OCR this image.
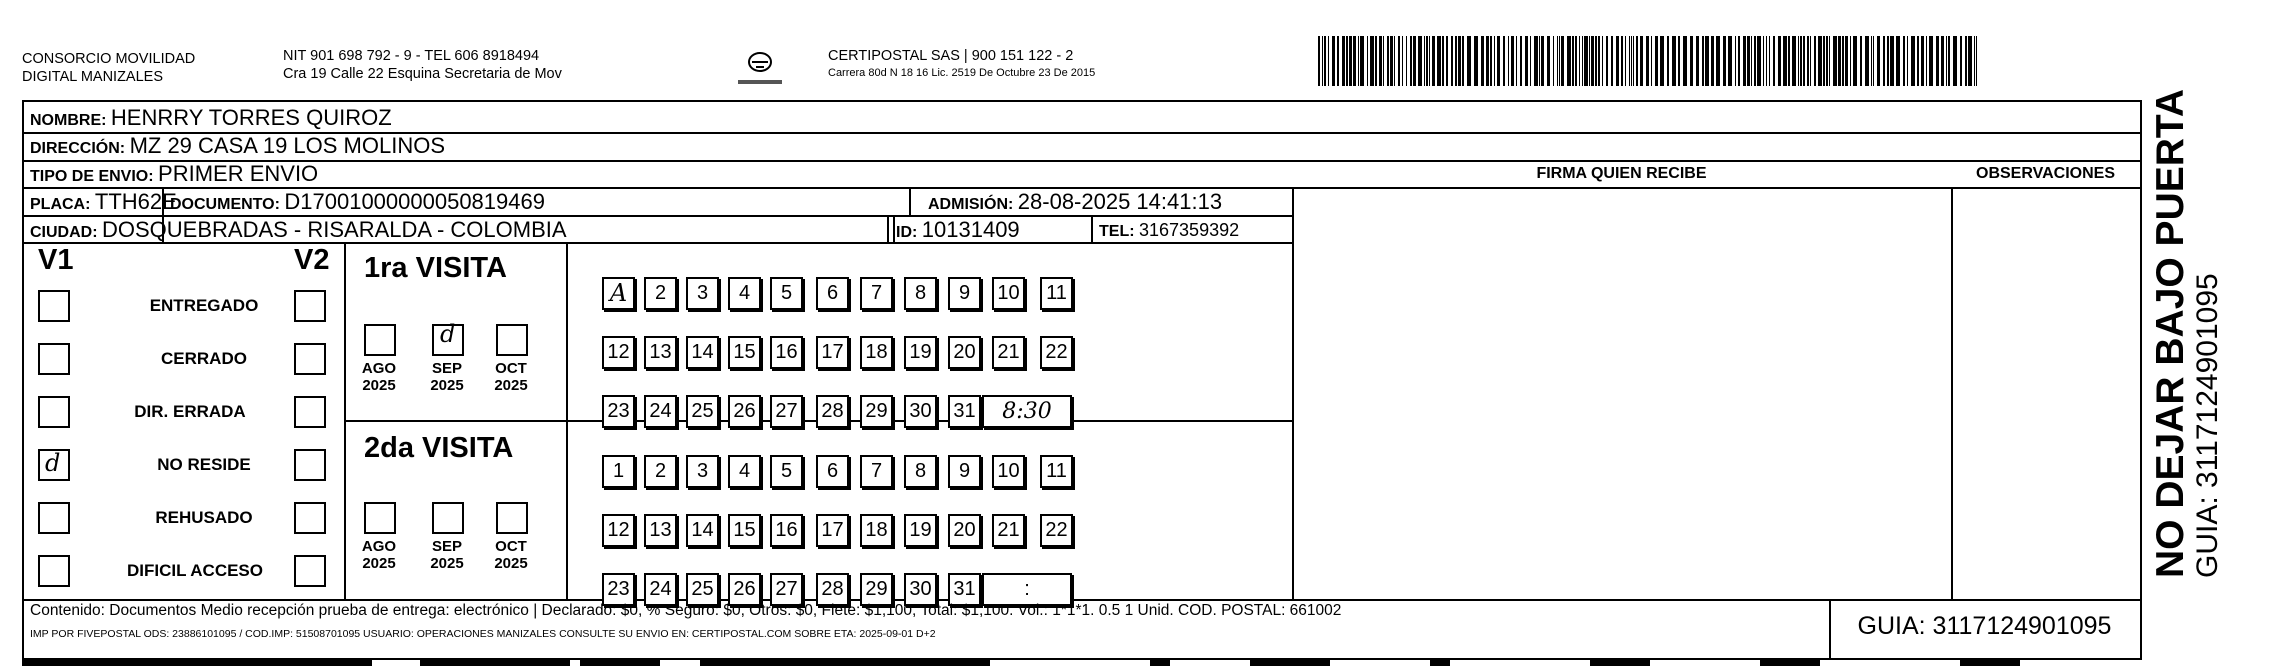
CONSORCIO MOVILIDAD
DIGITAL MANIZALES
NIT 901 698 792 - 9 - TEL 606 8918494
Cra 19 Calle 22 Esquina Secretaria de Mov
CERTIPOSTAL SAS | 900 151 122 - 2
Carrera 80d N 18 16 Lic. 2519 De Octubre 23 De 2015
NOMBRE: HENRRY TORRES QUIROZ
DIRECCIÓN: MZ 29 CASA 19 LOS MOLINOS
TIPO DE ENVIO: PRIMER ENVIO	FIRMA QUIEN RECIBE	OBSERVACIONES
PLACA: TTH62E
DOCUMENTO: D17001000000050819469	ADMISIÓN: 28-08-2025 14:41:13
CIUDAD: DOSQUEBRADAS - RISARALDA - COLOMBIA	ID: 10131409	TEL: 3167359392
V1	V2
ENTREGADO
CERRADO
DIR. ERRADA
d	NO RESIDE
REHUSADO
DIFICIL ACCESO
1ra VISITA
AGO
2025
d
SEP
2025
OCT
2025
A	2	3	4	5	6	7	8	9	10	11
12 13 14 15 16 17 18 19 20 21 22
23 24 25 26 27 28 29 30 31	8:30
2da VISITA
AGO
2025
SEP
2025
OCT
2025
1	2	3	4	5	6	7	8	9	10	11
12 13 14 15 16 17 18 19 20 21 22
23 24 25 26 27 28 29 30 31	:
Contenido: Documentos Medio recepción prueba de entrega: electrónico | Declarado: $0, % Seguro: $0, Otros: $0, Flete: $1,100, Total: $1,100. Vol.: 1*1*1. 0.5 1 Unid. COD. POSTAL: 661002
IMP POR FIVEPOSTAL ODS: 23886101095 / COD.IMP: 51508701095 USUARIO: OPERACIONES MANIZALES CONSULTE SU ENVIO EN: CERTIPOSTAL.COM SOBRE ETA: 2025-09-01 D+2	GUIA: 3117124901095
NO DEJAR BAJO PUERTA GUIA: 3117124901095
